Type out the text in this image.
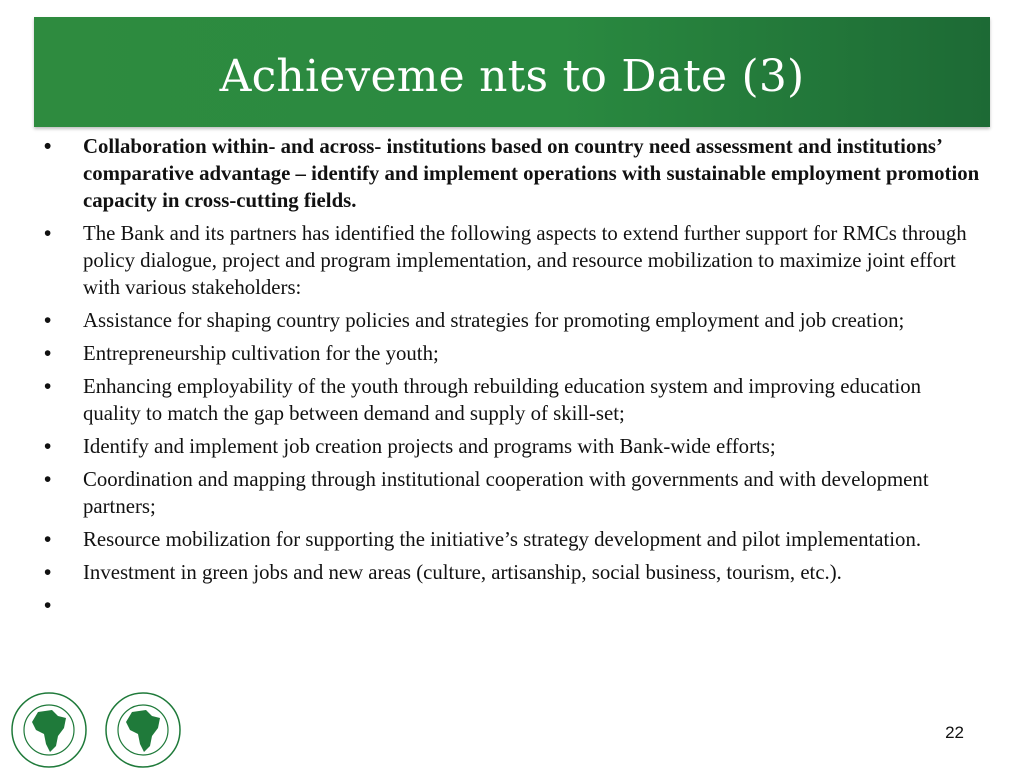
Achieveme nts to Date (3)
•	Collaboration within- and across- institutions based on country need assessment and institutions’ comparative advantage – identify and implement operations with sustainable employment promotion capacity in cross-cutting fields.
•	The Bank and its partners has identified the following aspects to extend further support for RMCs through policy dialogue, project and program implementation, and resource mobilization to maximize joint effort with various stakeholders:
•	Assistance for shaping country policies and strategies for promoting employment and job creation;
•	Entrepreneurship cultivation for the youth;
•	Enhancing employability of the youth through rebuilding education system and improving education quality to match the gap between demand and supply of skill-set;
•	Identify and implement job creation projects and programs with Bank-wide efforts;
•	Coordination and mapping through institutional cooperation with governments and with development partners;
•	Resource mobilization for supporting the initiative’s strategy development and pilot implementation.
•	Investment in green jobs and new areas (culture, artisanship, social business, tourism, etc.).
•
22
